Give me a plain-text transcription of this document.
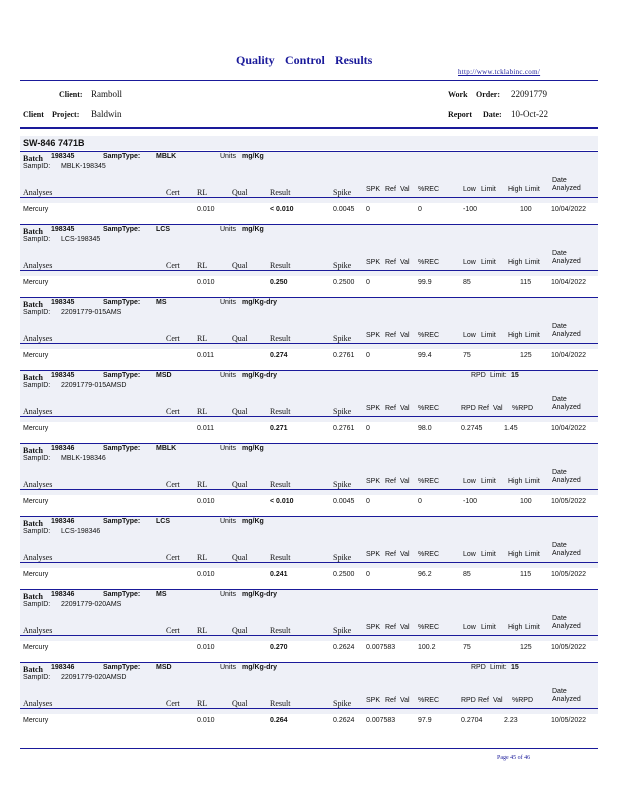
Quality Control Results
http://www.tcklabinc.com/
Client: Ramboll
Client Project: Baldwin
Work Order: 22091779
Report Date: 10-Oct-22
SW-846 7471B
Batch 198345	SampType: MBLK	Units mg/Kg
SampID: MBLK-198345
Date
Analyzed
Analyses	Cert RL	Qual	Result	Spike SPK Ref Val %REC	Low Limit High Limit
Mercury	0.010	< 0.010	0.0045 0	0	-100	100	10/04/2022
Batch 198345	SampType: LCS	Units mg/Kg
SampID: LCS-198345
Date
Analyzed
Analyses	Cert RL	Qual	Result	Spike SPK Ref Val %REC	Low Limit High Limit
Mercury	0.010	0.250	0.2500 0	99.9	85	115	10/04/2022
Batch 198345	SampType: MS	Units mg/Kg-dry
SampID: 22091779-015AMS
Date
Analyzed
Analyses	Cert RL	Qual	Result	Spike SPK Ref Val %REC	Low Limit High Limit
Mercury	0.011	0.274	0.2761 0	99.4	75	125	10/04/2022
Batch 198345	SampType: MSD	Units mg/Kg-dry	RPD Limit: 15
SampID: 22091779-015AMSD
Date
Analyzed
Analyses	Cert RL	Qual	Result	Spike SPK Ref Val %REC	RPD Ref Val %RPD
Mercury	0.011	0.271	0.2761 0	98.0	0.2745	1.45	10/04/2022
Batch 198346	SampType: MBLK	Units mg/Kg
SampID: MBLK-198346
Date
Analyzed
Analyses	Cert RL	Qual	Result	Spike SPK Ref Val %REC	Low Limit High Limit
Mercury	0.010	< 0.010	0.0045 0	0	-100	100	10/05/2022
Batch 198346	SampType: LCS	Units mg/Kg
SampID: LCS-198346
Date
Analyzed
Analyses	Cert RL	Qual	Result	Spike SPK Ref Val %REC	Low Limit High Limit
Mercury	0.010	0.241	0.2500 0	96.2	85	115	10/05/2022
Batch 198346	SampType: MS	Units mg/Kg-dry
SampID: 22091779-020AMS
Date
Analyzed
Analyses	Cert RL	Qual	Result	Spike SPK Ref Val %REC	Low Limit High Limit
Mercury	0.010	0.270	0.2624 0.007583	100.2	75	125	10/05/2022
Batch 198346	SampType: MSD	Units mg/Kg-dry	RPD Limit: 15
SampID: 22091779-020AMSD
Date
Analyzed
Analyses	Cert RL	Qual	Result	Spike SPK Ref Val %REC	RPD Ref Val %RPD
Mercury	0.010	0.264	0.2624 0.007583	97.9	0.2704	2.23	10/05/2022
Page 45 of 46
